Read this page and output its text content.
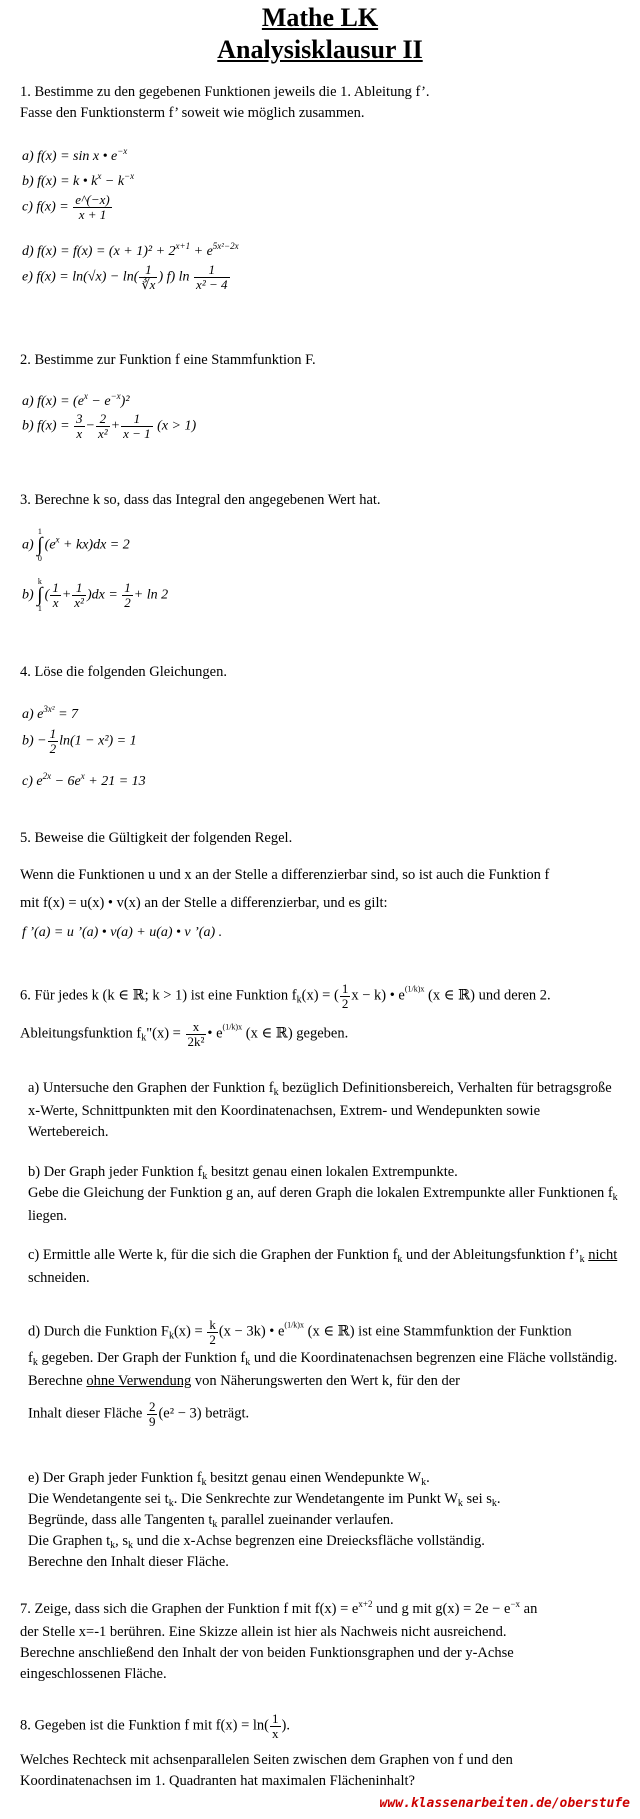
Mathe LK
Analysisklausur II
1. Bestimme zu den gegebenen Funktionen jeweils die 1. Ableitung f’.
Fasse den Funktionsterm f’ soweit wie möglich zusammen.
a) f(x) = sin x • $e^{-x}$
b) f(x) = k • $k^x - k^{-x}$
c) $f(x) = \frac{e\^{}(-x)}{x + 1}$
d) $f(x) = f(x) = (x + 1)^2 + 2^{x+1} + e^{5x^2-2x}$
e) $f(x) = \ln(√x) - \ln( \frac{1}{∛x}$ ) f) $\ln \frac{1}{\text{x² − 4}}$
2. Bestimme zur Funktion f eine Stammfunktion F.
a) $f(x) = (e^x - e^{-x})^2$
b) $f(x) = \frac{3}{x} - \frac{2}{\text{x²}} + \frac{1}{x - 1} (x > 1)$
3. Berechne k so, dass das Integral den angegebenen Wert hat.
a)
1
∫
0
$(e^x + kx)dx = 2$
b)
k
∫
1
( $\frac{1}{x} + \frac{1}{\text{x²}} )dx = \frac{1}{2} + \ln 2$
4. Löse die folgenden Gleichungen.
a) $e^{3x^2} = 7$
$b) - \frac{1}{2} \ln(1 - x^2) = 1$
c) $e^{2x} - 6e^x + 21 = 13$
5. Beweise die Gültigkeit der folgenden Regel.
Wenn die Funktionen u und x an der Stelle a differenzierbar sind, so ist auch die Funktion f
mit f(x) = u(x) • v(x) an der Stelle a differenzierbar, und es gilt:
f ’(a) = u ’(a) • v(a) + u(a) • v ’(a) .
6. Für jedes k (k ∈ ℝ; k > 1) ist eine Funktion $f_k(x)$ = ( $\frac{1}{2}$ x − k) • $e^{(1/k)x}$ (x ∈ ℝ) und deren 2.
Ableitungsfunktion $f_k"(x) = \frac{x}{\text{2k²}}$ • $e^{(1/k)x}$ (x ∈ ℝ) gegeben.
a) Untersuche den Graphen der Funktion $f_k$ bezüglich Definitionsbereich, Verhalten für betragsgroße x-Werte, Schnittpunkten mit den Koordinatenachsen, Extrem- und Wendepunkten sowie Wertebereich.
b) Der Graph jeder Funktion $f_k$ besitzt genau einen lokalen Extrempunkte.
Gebe die Gleichung der Funktion g an, auf deren Graph die lokalen Extrempunkte aller Funktionen $f_k$ liegen.
c) Ermittle alle Werte k, für die sich die Graphen der Funktion $f_k$ und der Ableitungsfunktion $f’_k$ nicht schneiden.
d) Durch die Funktion $F_k(x) = \frac{k}{2} (x - 3k)$ • $e^{(1/k)x}$ (x ∈ ℝ) ist eine Stammfunktion der Funktion
$f_k$ gegeben. Der Graph der Funktion $f_k$ und die Koordinatenachsen begrenzen eine Fläche vollständig. Berechne ohne Verwendung von Näherungswerten den Wert k, für den der
Inhalt dieser Fläche $\frac{2}{9} (e^2 - 3)$ beträgt.
e) Der Graph jeder Funktion $f_k$ besitzt genau einen Wendepunkte $W_k$.
Die Wendetangente sei $t_k$. Die Senkrechte zur Wendetangente im Punkt $W_k$ sei $s_k$.
Begründe, dass alle Tangenten $t_k$ parallel zueinander verlaufen.
Die Graphen $t_k$, $s_k$ und die x-Achse begrenzen eine Dreiecksfläche vollständig.
Berechne den Inhalt dieser Fläche.
7. Zeige, dass sich die Graphen der Funktion f mit $f(x) = e^{x+2}$ und g mit $g(x) = 2e - e^{-x}$ an
der Stelle x=-1 berühren. Eine Skizze allein ist hier als Nachweis nicht ausreichend.
Berechne anschließend den Inhalt der von beiden Funktionsgraphen und der y-Achse
eingeschlossenen Fläche.
8. Gegeben ist die Funktion f mit $f(x) = \ln( \frac{1}{x}$ ).
Welches Rechteck mit achsenparallelen Seiten zwischen dem Graphen von f und den
Koordinatenachsen im 1. Quadranten hat maximalen Flächeninhalt?
www.klassenarbeiten.de/oberstufe
